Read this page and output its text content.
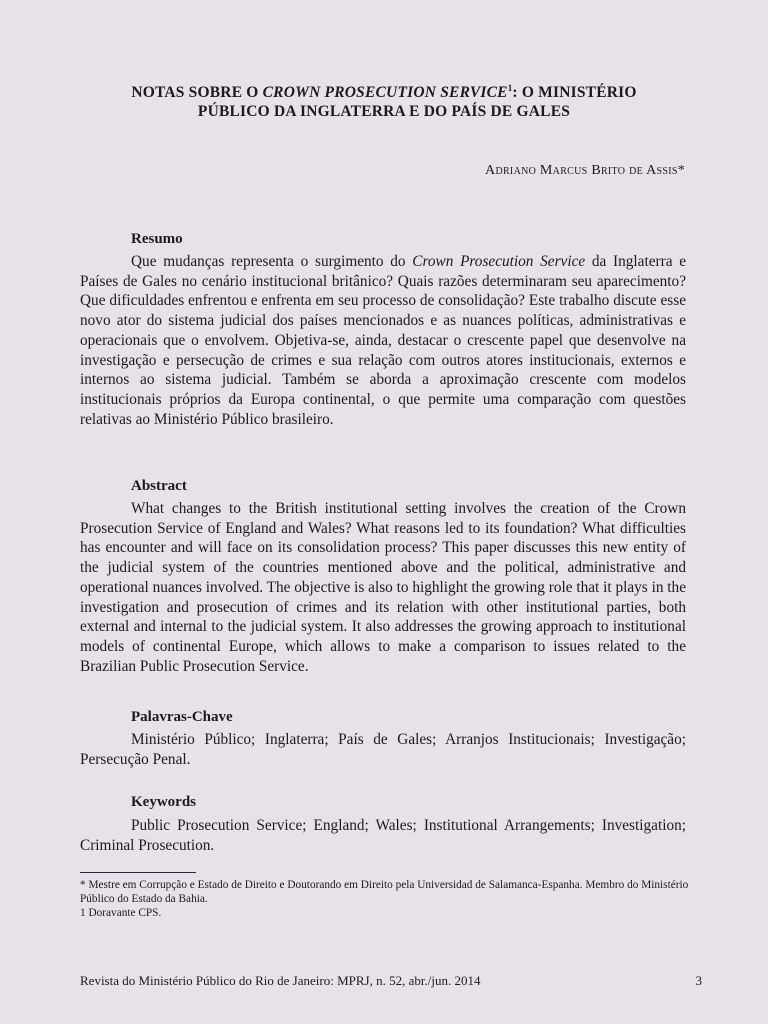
NOTAS SOBRE O CROWN PROSECUTION SERVICE$^1$: O MINISTÉRIO
PÚBLICO DA INGLATERRA E DO PAÍS DE GALES
Adriano Marcus Brito de Assis*
Resumo

Que mudanças representa o surgimento do Crown Prosecution Service da Inglaterra e Países de Gales no cenário institucional britânico? Quais razões determinaram seu aparecimento? Que dificuldades enfrentou e enfrenta em seu processo de consolidação? Este trabalho discute esse novo ator do sistema judicial dos países mencionados e as nuances políticas, administrativas e operacionais que o envolvem. Objetiva-se, ainda, destacar o crescente papel que desenvolve na investigação e persecução de crimes e sua relação com outros atores institucionais, externos e internos ao sistema judicial. Também se aborda a aproximação crescente com modelos institucionais próprios da Europa continental, o que permite uma comparação com questões relativas ao Ministério Público brasileiro.

Abstract

What changes to the British institutional setting involves the creation of the Crown Prosecution Service of England and Wales? What reasons led to its foundation? What difficulties has encounter and will face on its consolidation process? This paper discusses this new entity of the judicial system of the countries mentioned above and the political, administrative and operational nuances involved. The objective is also to highlight the growing role that it plays in the investigation and prosecution of crimes and its relation with other institutional parties, both external and internal to the judicial system. It also addresses the growing approach to institutional models of continental Europe, which allows to make a comparison to issues related to the Brazilian Public Prosecution Service.

Palavras-Chave

Ministério Público; Inglaterra; País de Gales; Arranjos Institucionais; Investigação; Persecução Penal.

Keywords

Public Prosecution Service; England; Wales; Institutional Arrangements; Investigation; Criminal Prosecution.

* Mestre em Corrupção e Estado de Direito e Doutorando em Direito pela Universidad de Salamanca-Espanha. Membro do Ministério Público do Estado da Bahia.
1 Doravante CPS.
Revista do Ministério Público do Rio de Janeiro: MPRJ, n. 52, abr./jun. 2014	3
